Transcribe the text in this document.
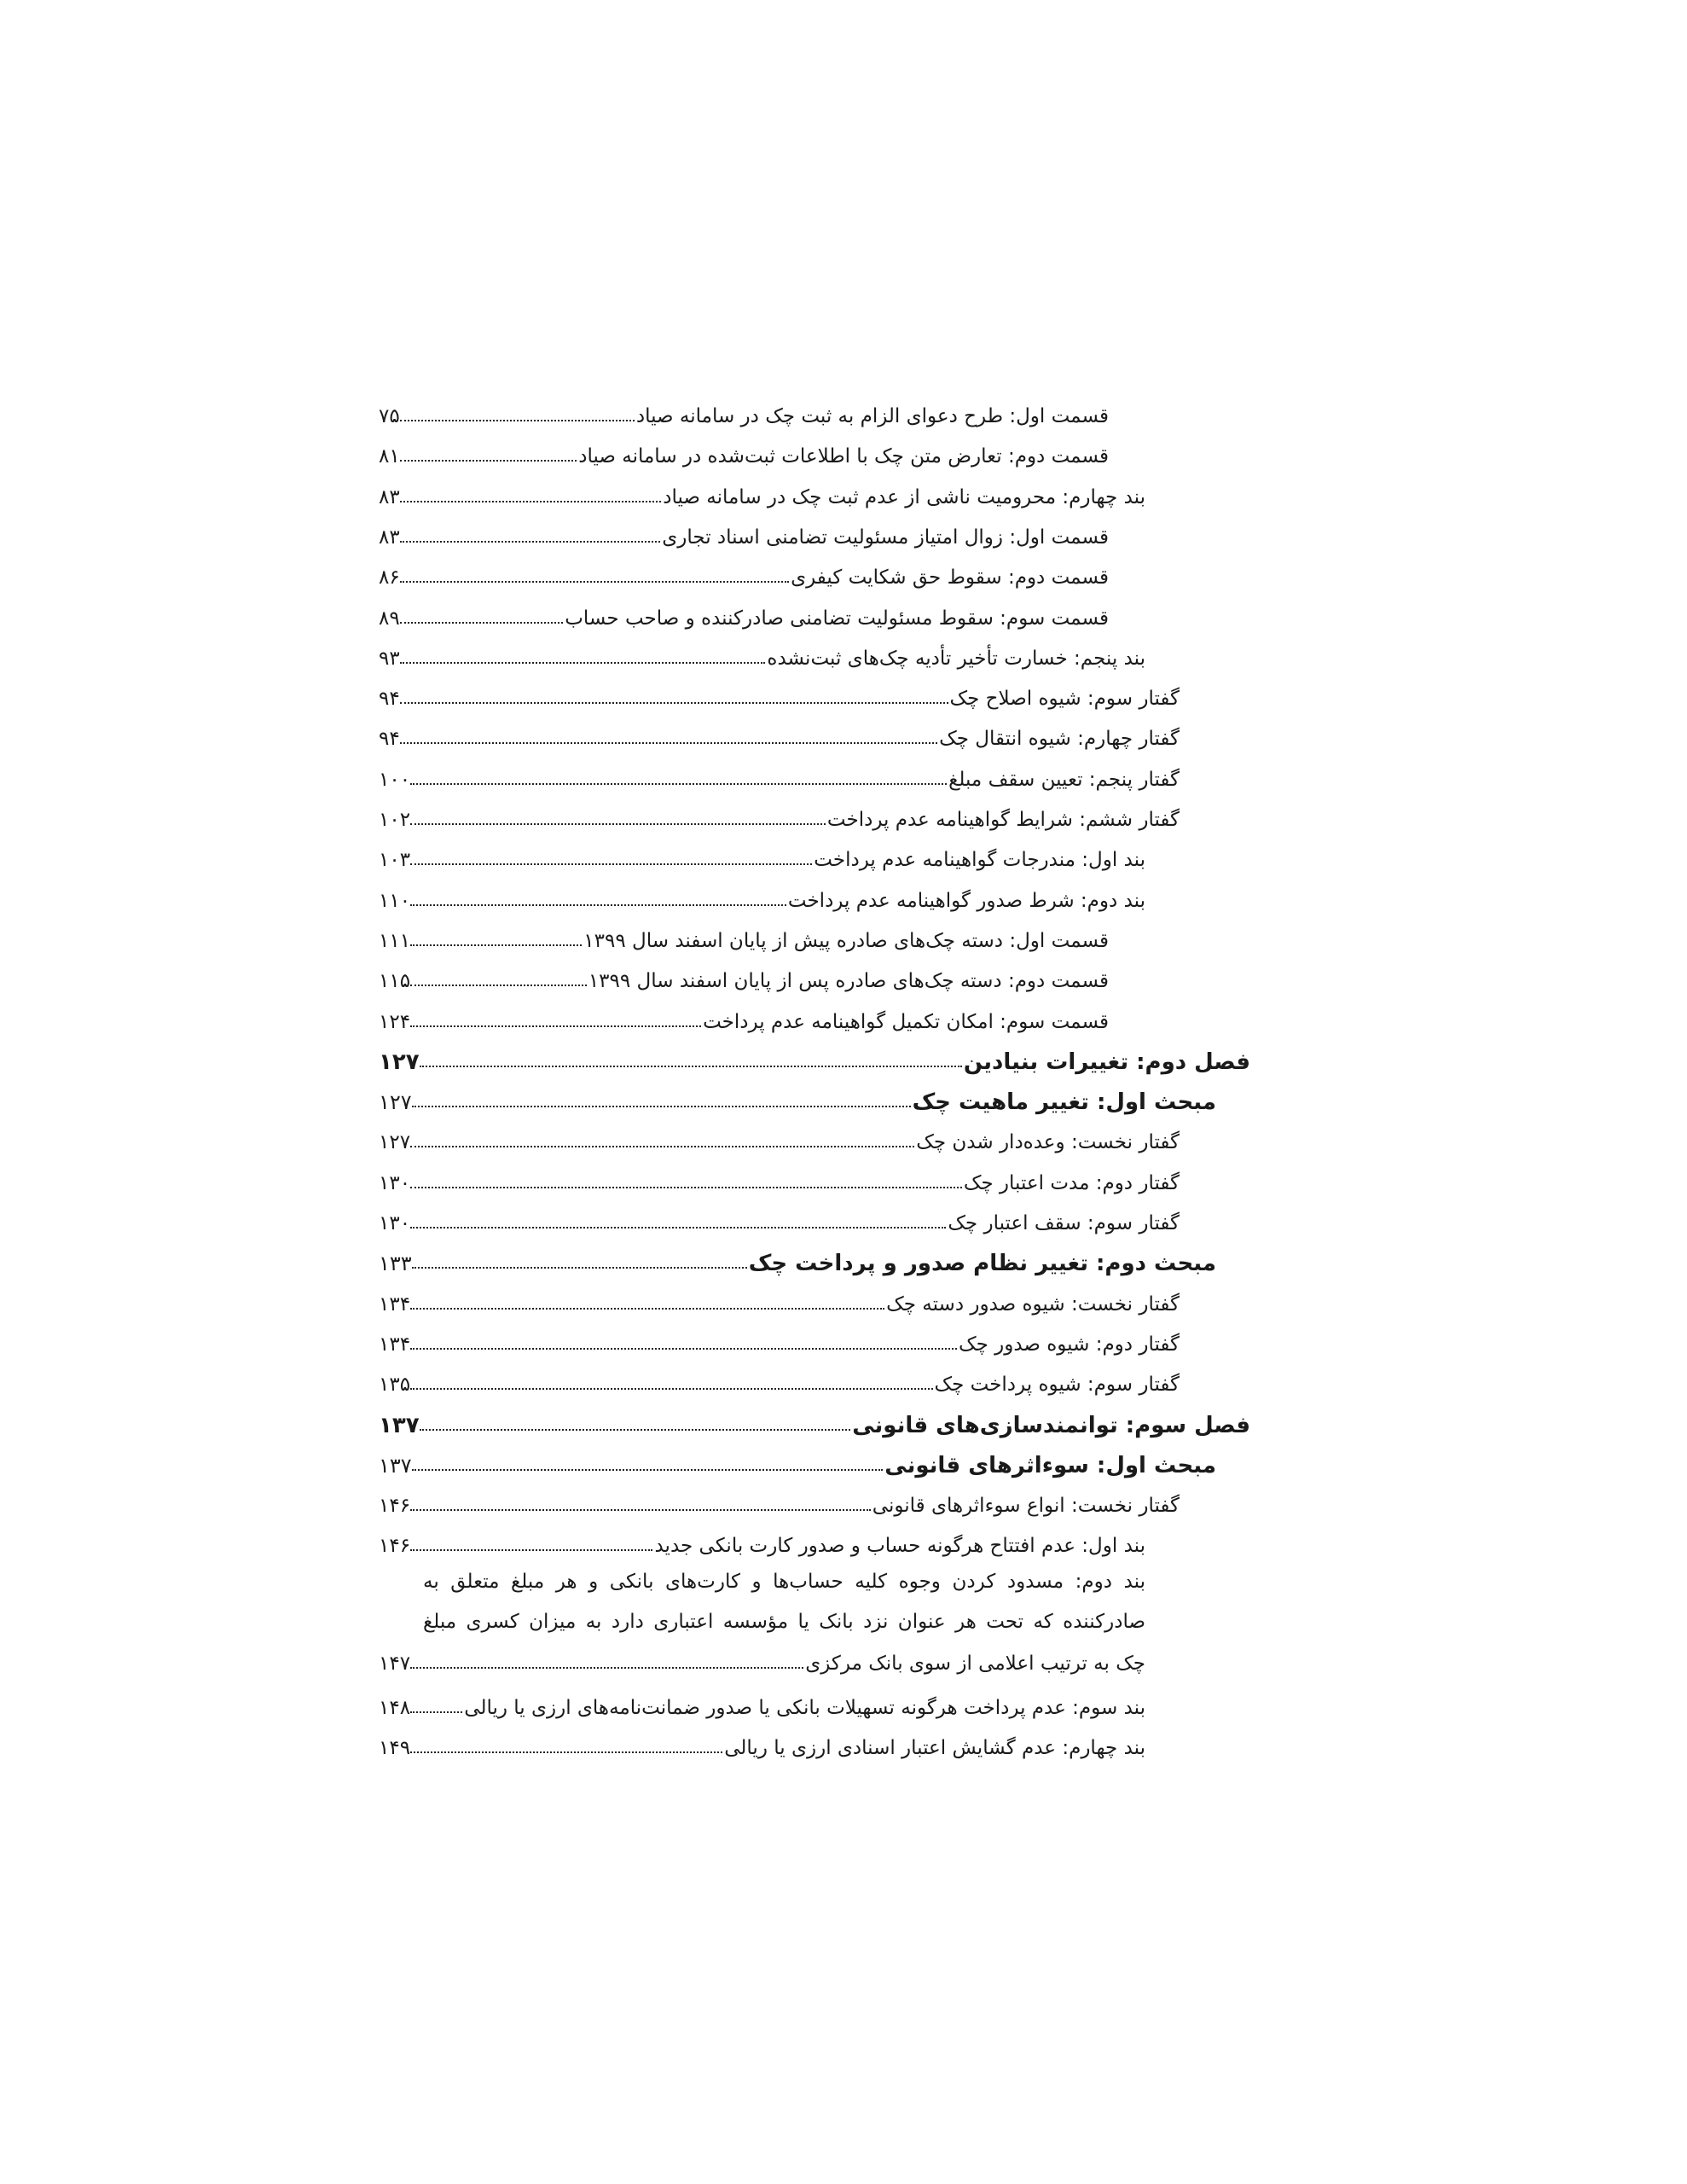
قسمت اول: طرح دعوای الزام به ثبت چک در سامانه صیاد
۷۵
قسمت دوم: تعارض متن چک با اطلاعات ثبت‌شده در سامانه صیاد
۸۱
بند چهارم: محرومیت ناشی از عدم ثبت چک در سامانه صیاد
۸۳
قسمت اول: زوال امتیاز مسئولیت تضامنی اسناد تجاری
۸۳
قسمت دوم: سقوط حق شکایت کیفری
۸۶
قسمت سوم: سقوط مسئولیت تضامنی صادرکننده و صاحب حساب
۸۹
بند پنجم: خسارت تأخیر تأدیه چک‌های ثبت‌نشده
۹۳
گفتار سوم: شیوه اصلاح چک
۹۴
گفتار چهارم: شیوه انتقال چک
۹۴
گفتار پنجم: تعیین سقف مبلغ
۱۰۰
گفتار ششم: شرایط گواهینامه عدم پرداخت
۱۰۲
بند اول: مندرجات گواهینامه عدم پرداخت
۱۰۳
بند دوم: شرط صدور گواهینامه عدم پرداخت
۱۱۰
قسمت اول: دسته چک‌های صادره پیش از پایان اسفند سال ۱۳۹۹
۱۱۱
قسمت دوم: دسته چک‌های صادره پس از پایان اسفند سال ۱۳۹۹
۱۱۵
قسمت سوم: امکان تکمیل گواهینامه عدم پرداخت
۱۲۴
فصل دوم: تغییرات بنیادین
۱۲۷
مبحث اول: تغییر ماهیت چک
۱۲۷
گفتار نخست: وعده‌دار شدن چک
۱۲۷
گفتار دوم: مدت اعتبار چک
۱۳۰
گفتار سوم: سقف اعتبار چک
۱۳۰
مبحث دوم: تغییر نظام صدور و پرداخت چک
۱۳۳
گفتار نخست: شیوه صدور دسته چک
۱۳۴
گفتار دوم: شیوه صدور چک
۱۳۴
گفتار سوم: شیوه پرداخت چک
۱۳۵
فصل سوم: توانمندسازی‌های قانونی
۱۳۷
مبحث اول: سوءاثرهای قانونی
۱۳۷
گفتار نخست: انواع سوءاثرهای قانونی
۱۴۶
بند اول: عدم افتتاح هرگونه حساب و صدور کارت بانکی جدید
۱۴۶
بند دوم: مسدود کردن وجوه کلیه حساب‌ها و کارت‌های بانکی و هر مبلغ متعلق به
صادرکننده که تحت هر عنوان نزد بانک یا مؤسسه اعتباری دارد به میزان کسری مبلغ
چک به ترتیب اعلامی از سوی بانک مرکزی
۱۴۷
بند سوم: عدم پرداخت هرگونه تسهیلات بانکی یا صدور ضمانت‌نامه‌های ارزی یا ریالی
۱۴۸
بند چهارم: عدم گشایش اعتبار اسنادی ارزی یا ریالی
۱۴۹
